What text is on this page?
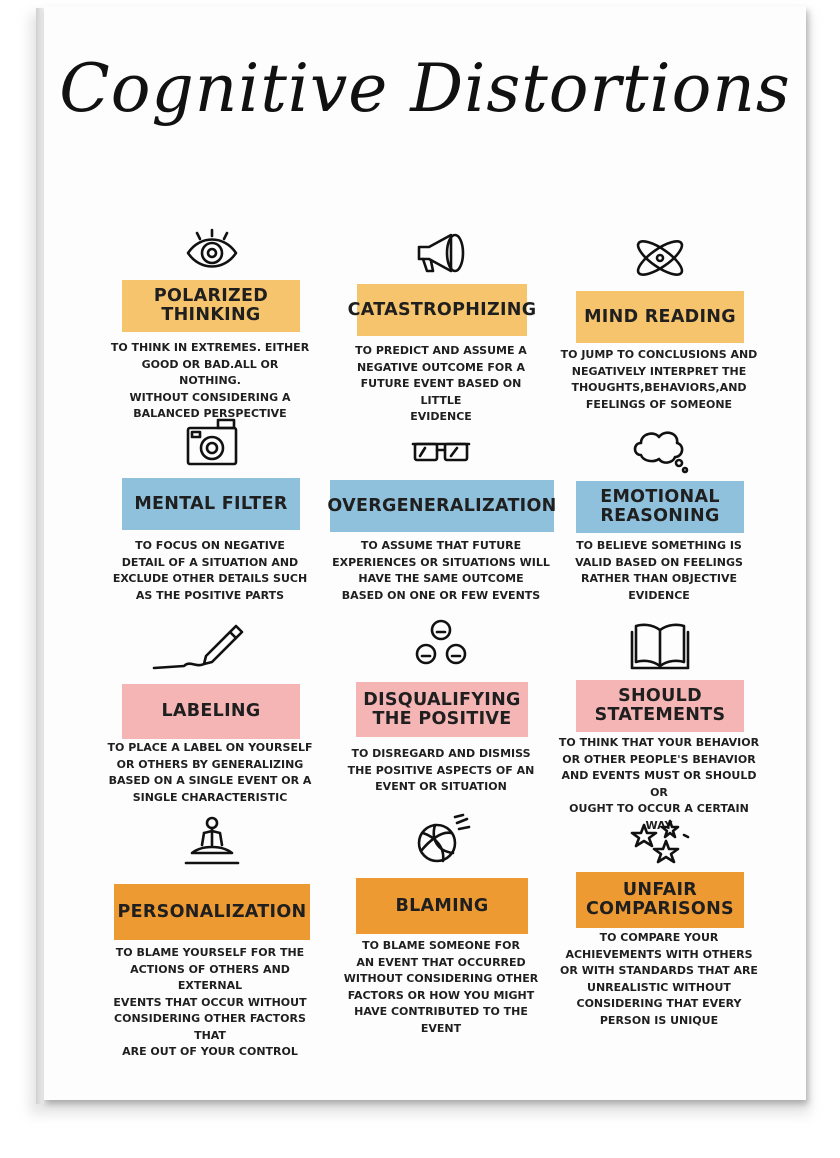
Cognitive Distortions
POLARIZED
THINKING
TO THINK IN EXTREMES. EITHER
GOOD OR BAD.ALL OR NOTHING.
WITHOUT CONSIDERING A
BALANCED PERSPECTIVE
CATASTROPHIZING
TO PREDICT AND ASSUME A
NEGATIVE OUTCOME FOR A
FUTURE EVENT BASED ON LITTLE
EVIDENCE
MIND READING
TO JUMP TO CONCLUSIONS AND
NEGATIVELY INTERPRET THE
THOUGHTS,BEHAVIORS,AND
FEELINGS OF SOMEONE
MENTAL FILTER
TO FOCUS ON NEGATIVE
DETAIL OF A SITUATION AND
EXCLUDE OTHER DETAILS SUCH
AS THE POSITIVE PARTS
OVERGENERALIZATION
TO ASSUME THAT FUTURE
EXPERIENCES OR SITUATIONS WILL
HAVE THE SAME OUTCOME
BASED ON ONE OR FEW EVENTS
EMOTIONAL
REASONING
TO BELIEVE SOMETHING IS
VALID BASED ON FEELINGS
RATHER THAN OBJECTIVE
EVIDENCE
LABELING
TO PLACE A LABEL ON YOURSELF
OR OTHERS BY GENERALIZING
BASED ON A SINGLE EVENT OR A
SINGLE CHARACTERISTIC
DISQUALIFYING
THE POSITIVE
TO DISREGARD AND DISMISS
THE POSITIVE ASPECTS OF AN
EVENT OR SITUATION
SHOULD
STATEMENTS
TO THINK THAT YOUR BEHAVIOR
OR OTHER PEOPLE'S BEHAVIOR
AND EVENTS MUST OR SHOULD OR
OUGHT TO OCCUR A CERTAIN WAY
PERSONALIZATION
TO BLAME YOURSELF FOR THE
ACTIONS OF OTHERS AND EXTERNAL
EVENTS THAT OCCUR WITHOUT
CONSIDERING OTHER FACTORS THAT
ARE OUT OF YOUR CONTROL
BLAMING
TO BLAME SOMEONE FOR
AN EVENT THAT OCCURRED
WITHOUT CONSIDERING OTHER
FACTORS OR HOW YOU MIGHT
HAVE CONTRIBUTED TO THE
EVENT
UNFAIR
COMPARISONS
TO COMPARE YOUR
ACHIEVEMENTS WITH OTHERS
OR WITH STANDARDS THAT ARE
UNREALISTIC WITHOUT
CONSIDERING THAT EVERY
PERSON IS UNIQUE
